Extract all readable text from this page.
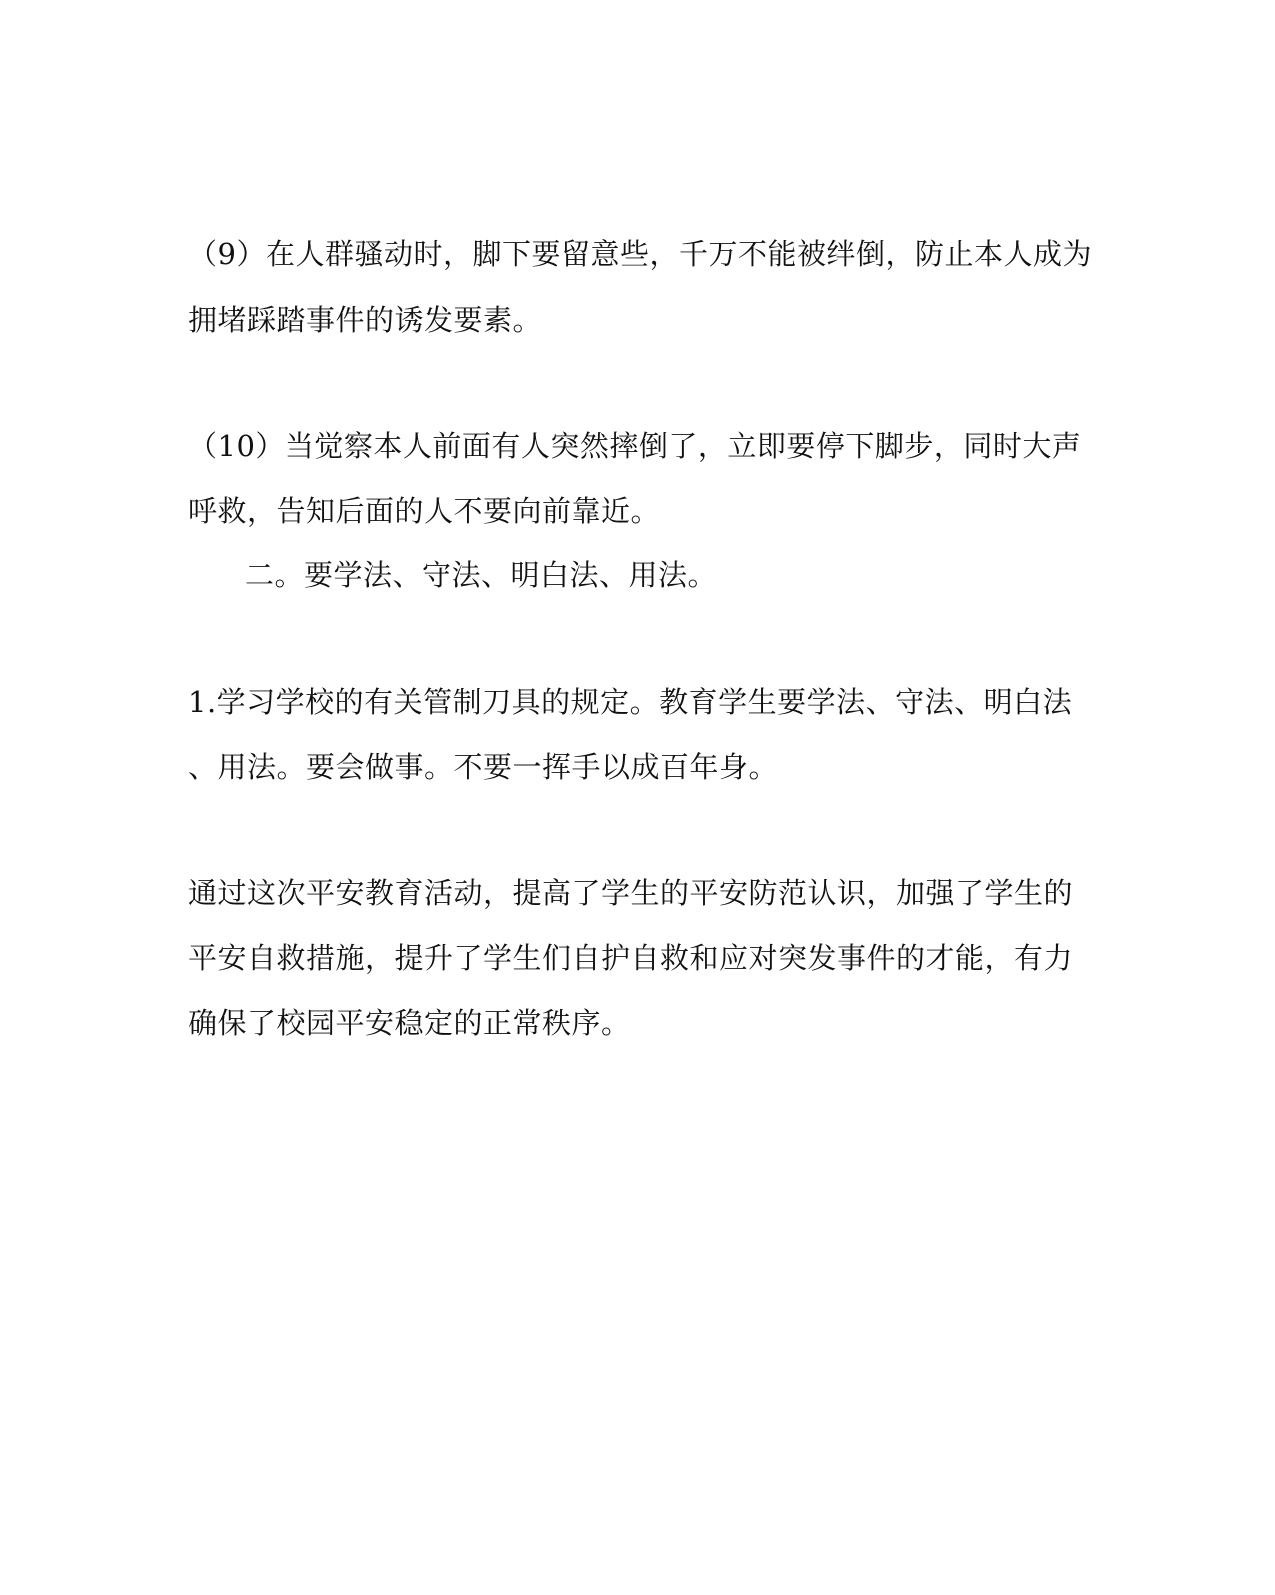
（9）在人群骚动时，脚下要留意些，千万不能被绊倒，防止本人成为
拥堵踩踏事件的诱发要素。
（10）当觉察本人前面有人突然摔倒了，立即要停下脚步，同时大声
呼救，告知后面的人不要向前靠近。
二。要学法、守法、明白法、用法。
1.学习学校的有关管制刀具的规定。教育学生要学法、守法、明白法
、用法。要会做事。不要一挥手以成百年身。
通过这次平安教育活动，提高了学生的平安防范认识，加强了学生的
平安自救措施，提升了学生们自护自救和应对突发事件的才能，有力
确保了校园平安稳定的正常秩序。
